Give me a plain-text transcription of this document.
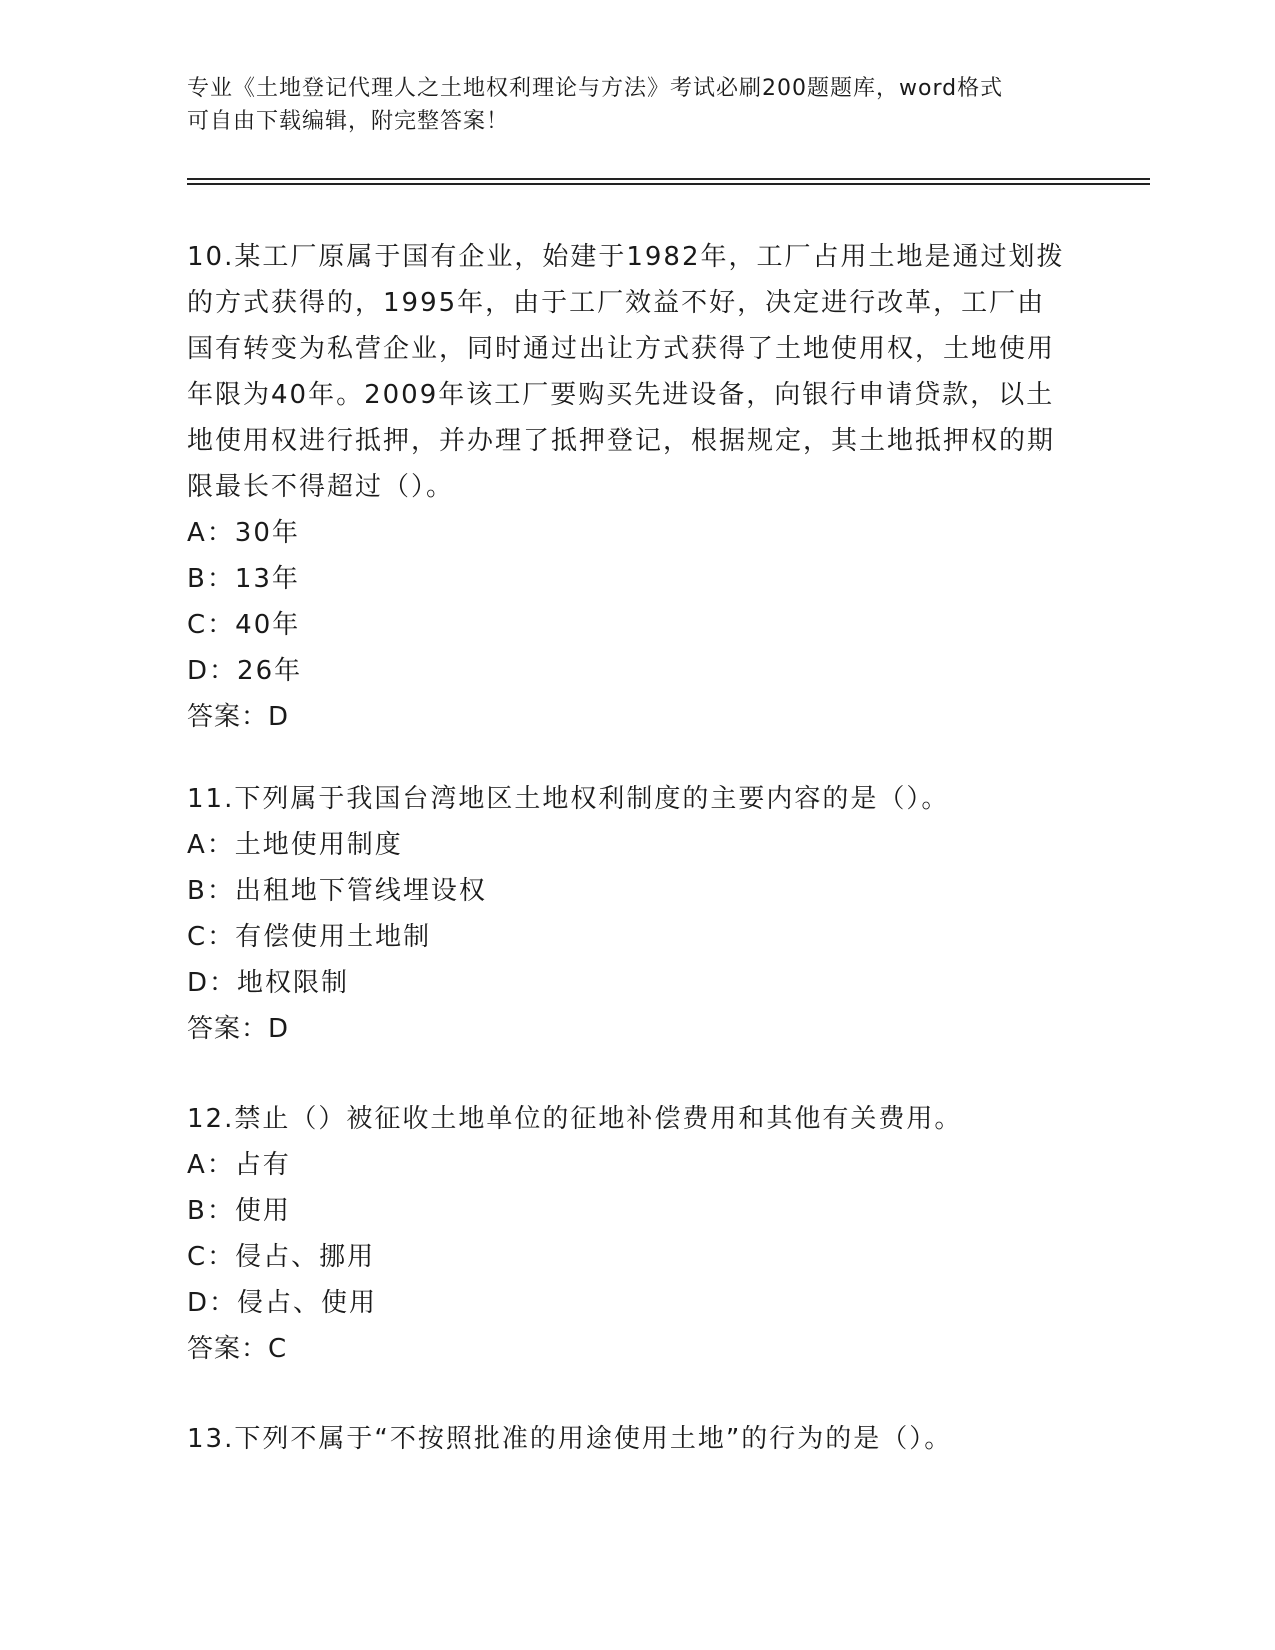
专业《土地登记代理人之土地权利理论与方法》考试必刷200题题库，word格式
可自由下载编辑，附完整答案！

10.某工厂原属于国有企业，始建于1982年，工厂占用土地是通过划拨的方式获得的，1995年，由于工厂效益不好，决定进行改革，工厂由国有转变为私营企业，同时通过出让方式获得了土地使用权，土地使用年限为40年。2009年该工厂要购买先进设备，向银行申请贷款，以土地使用权进行抵押，并办理了抵押登记，根据规定，其土地抵押权的期限最长不得超过（）。

A：30年

B：13年

C：40年

D：26年

答案：D

11.下列属于我国台湾地区土地权利制度的主要内容的是（）。

A：土地使用制度

B：出租地下管线埋设权

C：有偿使用土地制

D：地权限制

答案：D

12.禁止（）被征收土地单位的征地补偿费用和其他有关费用。

A：占有

B：使用

C：侵占、挪用

D：侵占、使用

答案：C

13.下列不属于“不按照批准的用途使用土地”的行为的是（）。
